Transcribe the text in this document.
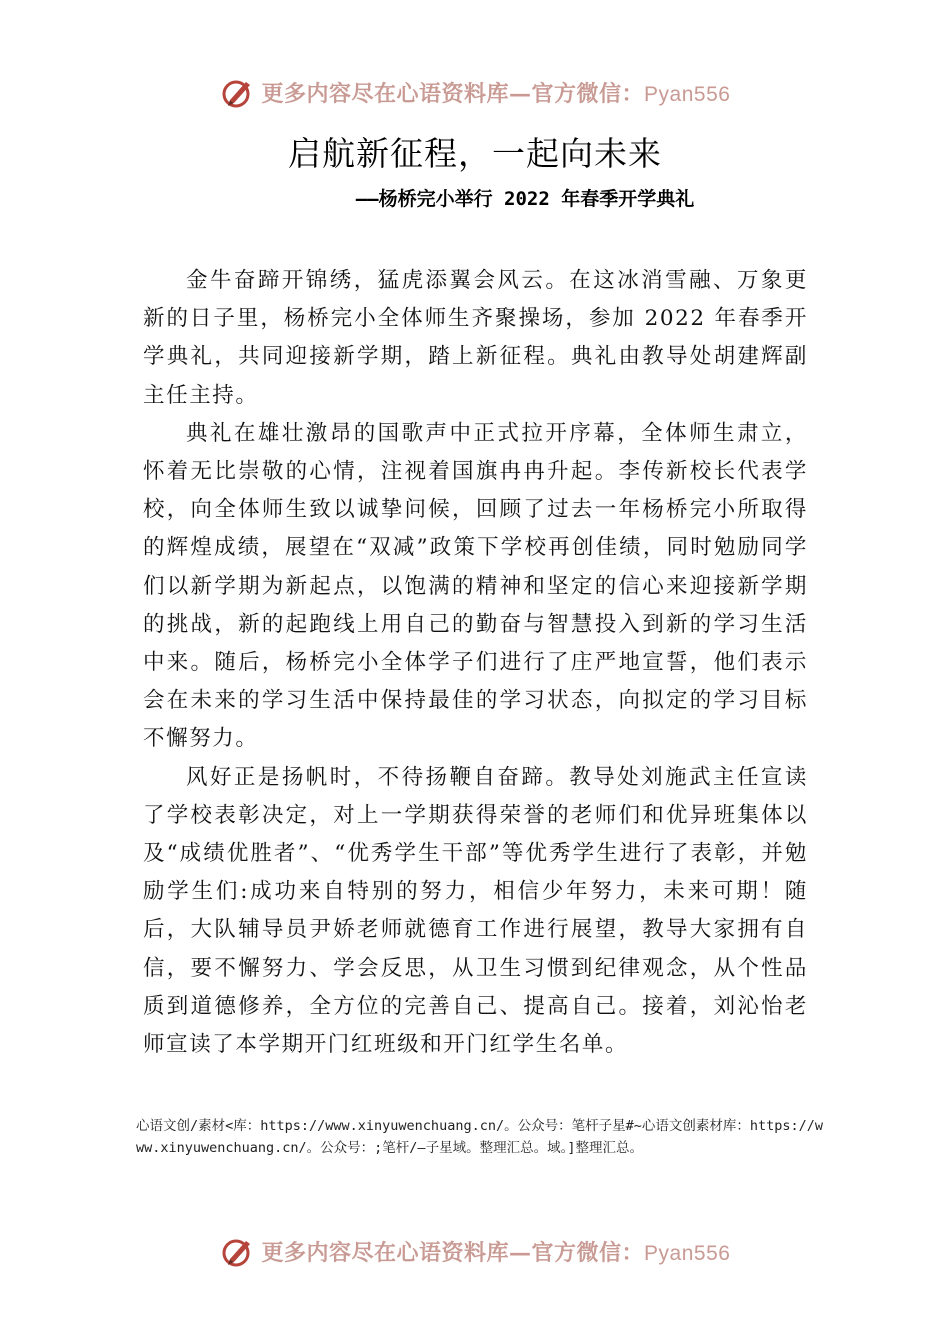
更多内容尽在心语资料库—官方微信：Pyan556
启航新征程，一起向未来
——杨桥完小举行 2022 年春季开学典礼

金牛奋蹄开锦绣，猛虎添翼会风云。在这冰消雪融、万象更新的日子里，杨桥完小全体师生齐聚操场，参加 2022 年春季开学典礼，共同迎接新学期，踏上新征程。典礼由教导处胡建辉副主任主持。

典礼在雄壮激昂的国歌声中正式拉开序幕，全体师生肃立，怀着无比崇敬的心情，注视着国旗冉冉升起。李传新校长代表学校，向全体师生致以诚挚问候，回顾了过去一年杨桥完小所取得的辉煌成绩，展望在“双减”政策下学校再创佳绩，同时勉励同学们以新学期为新起点，以饱满的精神和坚定的信心来迎接新学期的挑战，新的起跑线上用自己的勤奋与智慧投入到新的学习生活中来。随后，杨桥完小全体学子们进行了庄严地宣誓，他们表示会在未来的学习生活中保持最佳的学习状态，向拟定的学习目标不懈努力。

风好正是扬帆时，不待扬鞭自奋蹄。教导处刘施武主任宣读了学校表彰决定，对上一学期获得荣誉的老师们和优异班集体以及“成绩优胜者”、“优秀学生干部”等优秀学生进行了表彰，并勉励学生们:成功来自特别的努力，相信少年努力，未来可期！随后，大队辅导员尹娇老师就德育工作进行展望，教导大家拥有自信，要不懈努力、学会反思，从卫生习惯到纪律观念，从个性品质到道德修养，全方位的完善自己、提高自己。接着，刘沁怡老师宣读了本学期开门红班级和开门红学生名单。

心语文创/素材<库：https://www.xinyuwenchuang.cn/。公众号：笔杆子星#~心语文创素材库：https://www.xinyuwenchuang.cn/。公众号：;笔杆/—子星域。整理汇总。域。]整理汇总。
更多内容尽在心语资料库—官方微信：Pyan556
